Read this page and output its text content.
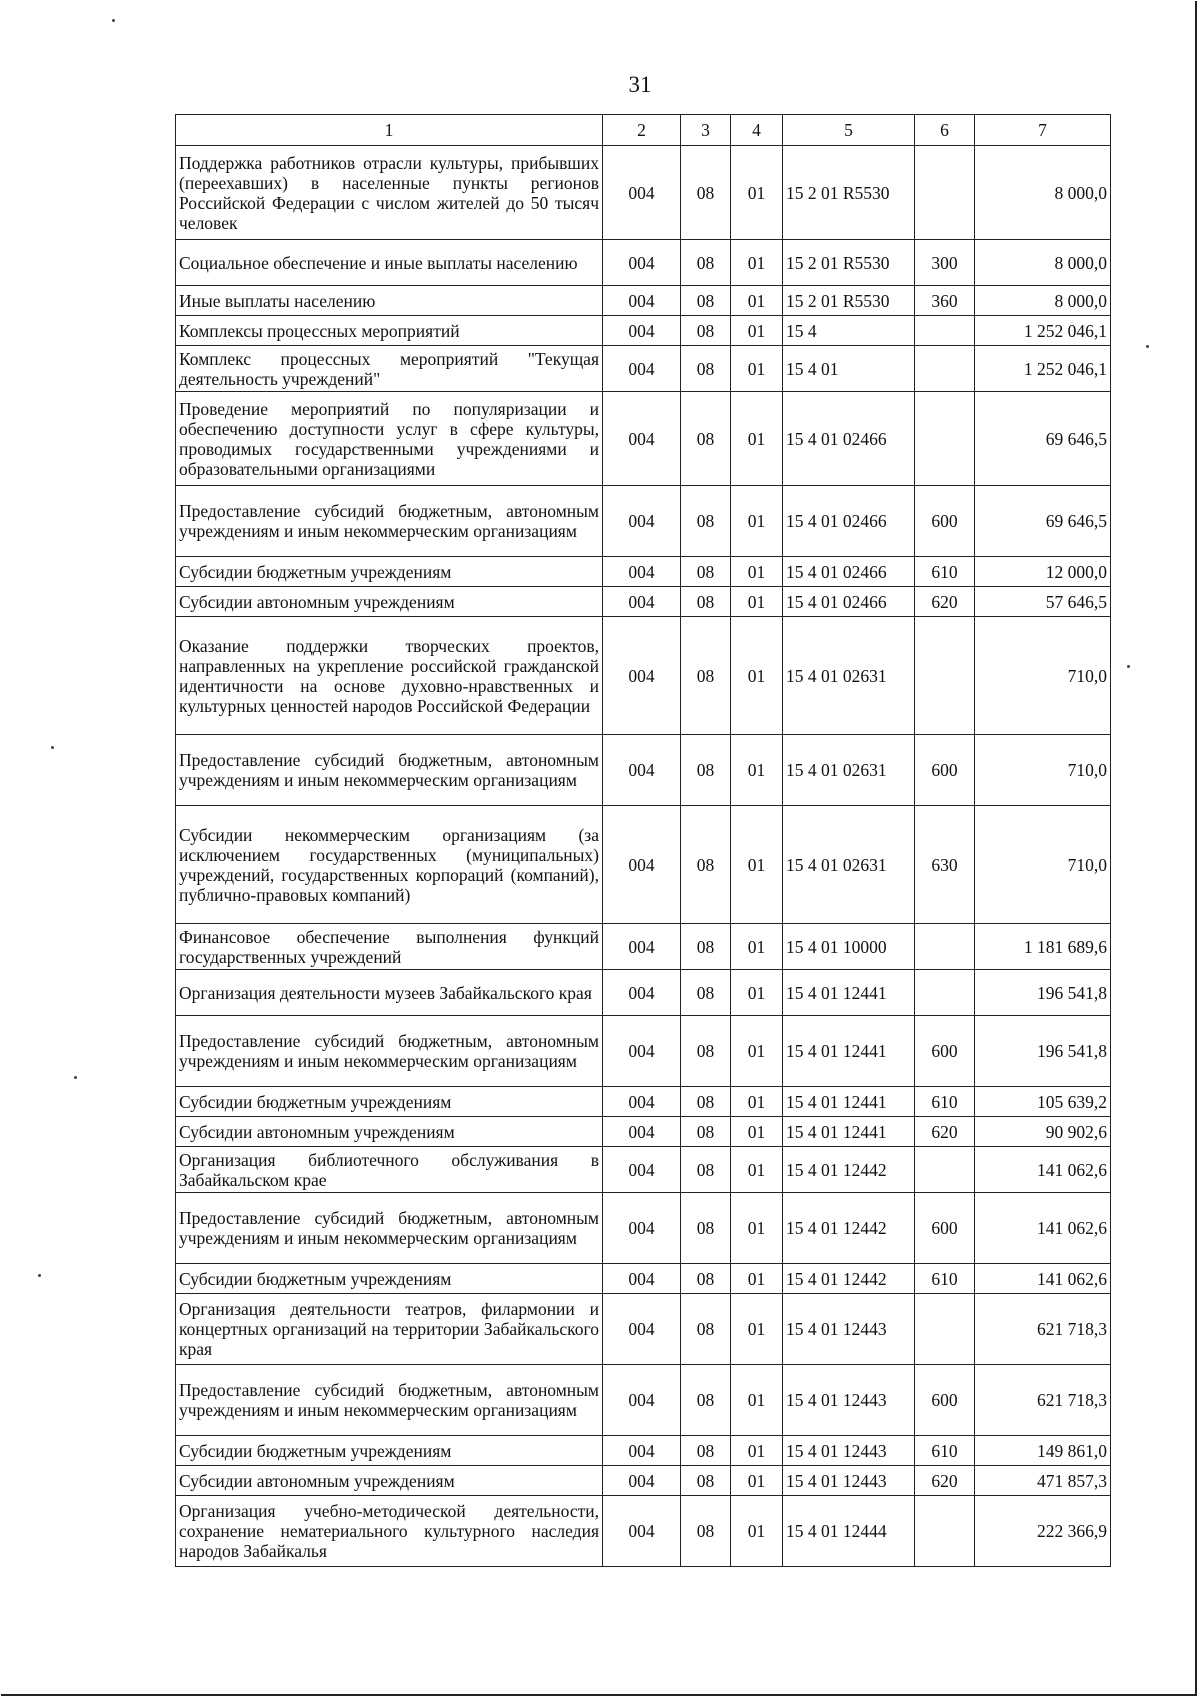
31
1	2	3	4	5	6	7
Поддержка работников отрасли культуры, прибывших (переехавших) в населенные пункты регионов Российской Федерации с числом жителей до 50 тысяч человек	004	08	01	15 2 01 R5530		8 000,0
Социальное обеспечение и иные выплаты населению	004	08	01	15 2 01 R5530	300	8 000,0
Иные выплаты населению	004	08	01	15 2 01 R5530	360	8 000,0
Комплексы процессных мероприятий	004	08	01	15 4		1 252 046,1
Комплекс процессных мероприятий "Текущая деятельность учреждений"	004	08	01	15 4 01		1 252 046,1
Проведение мероприятий по популяризации и обеспечению доступности услуг в сфере культуры, проводимых государственными учреждениями и образовательными организациями	004	08	01	15 4 01 02466		69 646,5
Предоставление субсидий бюджетным, автономным учреждениям и иным некоммерческим организациям	004	08	01	15 4 01 02466	600	69 646,5
Субсидии бюджетным учреждениям	004	08	01	15 4 01 02466	610	12 000,0
Субсидии автономным учреждениям	004	08	01	15 4 01 02466	620	57 646,5
Оказание поддержки творческих проектов, направленных на укрепление российской гражданской идентичности на основе духовно-нравственных и культурных ценностей народов Российской Федерации	004	08	01	15 4 01 02631		710,0
Предоставление субсидий бюджетным, автономным учреждениям и иным некоммерческим организациям	004	08	01	15 4 01 02631	600	710,0
Субсидии некоммерческим организациям (за исключением государственных (муниципальных) учреждений, государственных корпораций (компаний), публично-правовых компаний)	004	08	01	15 4 01 02631	630	710,0
Финансовое обеспечение выполнения функций государственных учреждений	004	08	01	15 4 01 10000		1 181 689,6
Организация деятельности музеев Забайкальского края	004	08	01	15 4 01 12441		196 541,8
Предоставление субсидий бюджетным, автономным учреждениям и иным некоммерческим организациям	004	08	01	15 4 01 12441	600	196 541,8
Субсидии бюджетным учреждениям	004	08	01	15 4 01 12441	610	105 639,2
Субсидии автономным учреждениям	004	08	01	15 4 01 12441	620	90 902,6
Организация библиотечного обслуживания в Забайкальском крае	004	08	01	15 4 01 12442		141 062,6
Предоставление субсидий бюджетным, автономным учреждениям и иным некоммерческим организациям	004	08	01	15 4 01 12442	600	141 062,6
Субсидии бюджетным учреждениям	004	08	01	15 4 01 12442	610	141 062,6
Организация деятельности театров, филармонии и концертных организаций на территории Забайкальского края	004	08	01	15 4 01 12443		621 718,3
Предоставление субсидий бюджетным, автономным учреждениям и иным некоммерческим организациям	004	08	01	15 4 01 12443	600	621 718,3
Субсидии бюджетным учреждениям	004	08	01	15 4 01 12443	610	149 861,0
Субсидии автономным учреждениям	004	08	01	15 4 01 12443	620	471 857,3
Организация учебно-методической деятельности, сохранение нематериального культурного наследия народов Забайкалья	004	08	01	15 4 01 12444		222 366,9
